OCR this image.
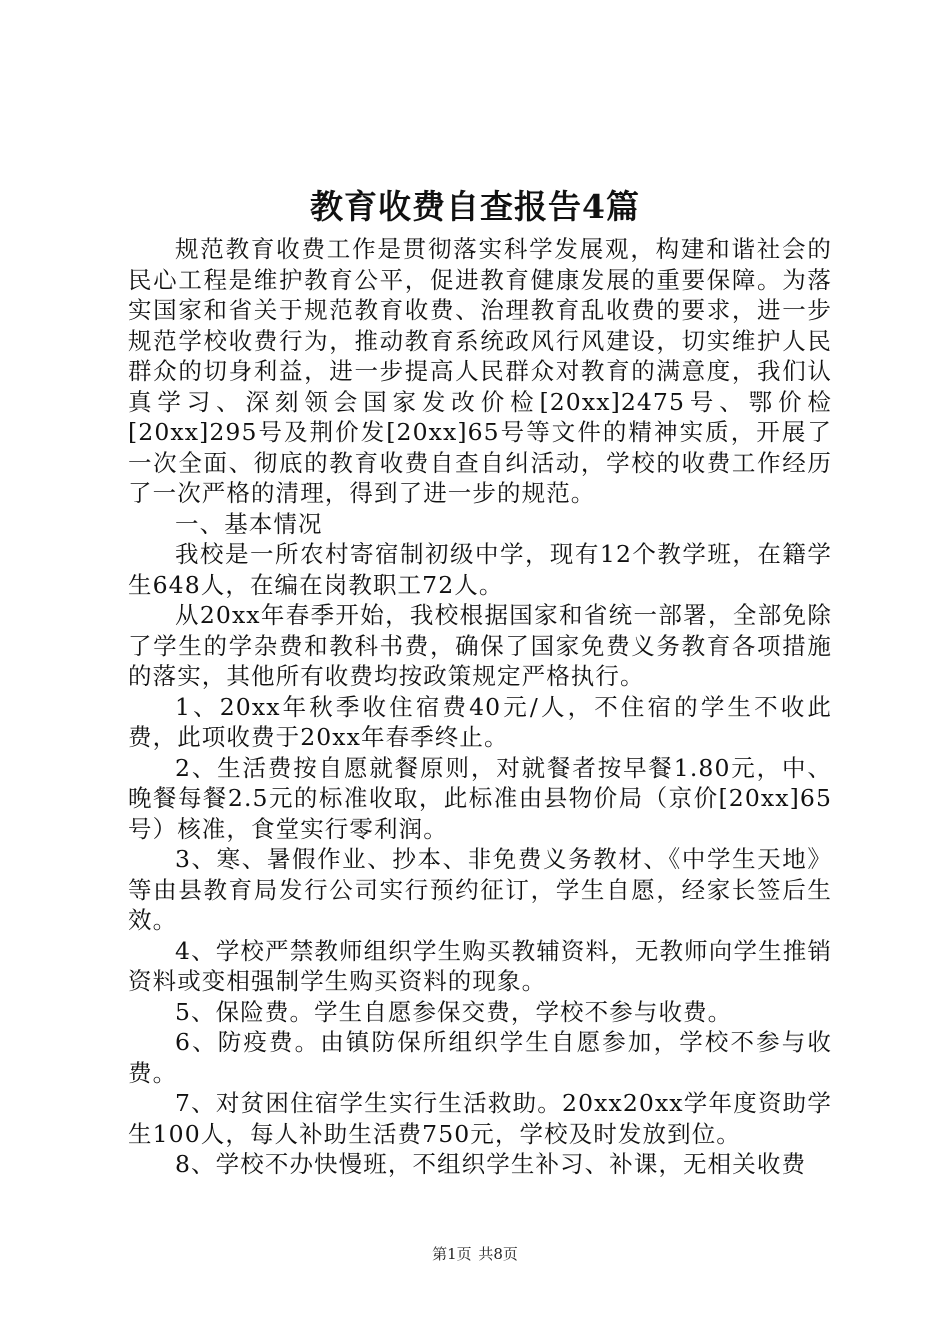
教育收费自查报告4篇

规范教育收费工作是贯彻落实科学发展观，构建和谐社会的民心工程是维护教育公平，促进教育健康发展的重要保障。为落实国家和省关于规范教育收费、治理教育乱收费的要求，进一步规范学校收费行为，推动教育系统政风行风建设，切实维护人民群众的切身利益，进一步提高人民群众对教育的满意度，我们认真学习、深刻领会国家发改价检[20xx]2475号、鄂价检[20xx]295号及荆价发[20xx]65号等文件的精神实质，开展了一次全面、彻底的教育收费自查自纠活动，学校的收费工作经历了一次严格的清理，得到了进一步的规范。

一、基本情况

我校是一所农村寄宿制初级中学，现有12个教学班，在籍学生648人，在编在岗教职工72人。

从20xx年春季开始，我校根据国家和省统一部署，全部免除了学生的学杂费和教科书费，确保了国家免费义务教育各项措施的落实，其他所有收费均按政策规定严格执行。

1、20xx年秋季收住宿费40元/人，不住宿的学生不收此费，此项收费于20xx年春季终止。

2、生活费按自愿就餐原则，对就餐者按早餐1.80元，中、晚餐每餐2.5元的标准收取，此标准由县物价局（京价[20xx]65号）核准，食堂实行零利润。

3、寒、暑假作业、抄本、非免费义务教材、《中学生天地》等由县教育局发行公司实行预约征订，学生自愿，经家长签后生效。

4、学校严禁教师组织学生购买教辅资料，无教师向学生推销资料或变相强制学生购买资料的现象。

5、保险费。学生自愿参保交费，学校不参与收费。

6、防疫费。由镇防保所组织学生自愿参加，学校不参与收费。

7、对贫困住宿学生实行生活救助。20xx20xx学年度资助学生100人，每人补助生活费750元，学校及时发放到位。

8、学校不办快慢班，不组织学生补习、补课，无相关收费

第1页 共8页
